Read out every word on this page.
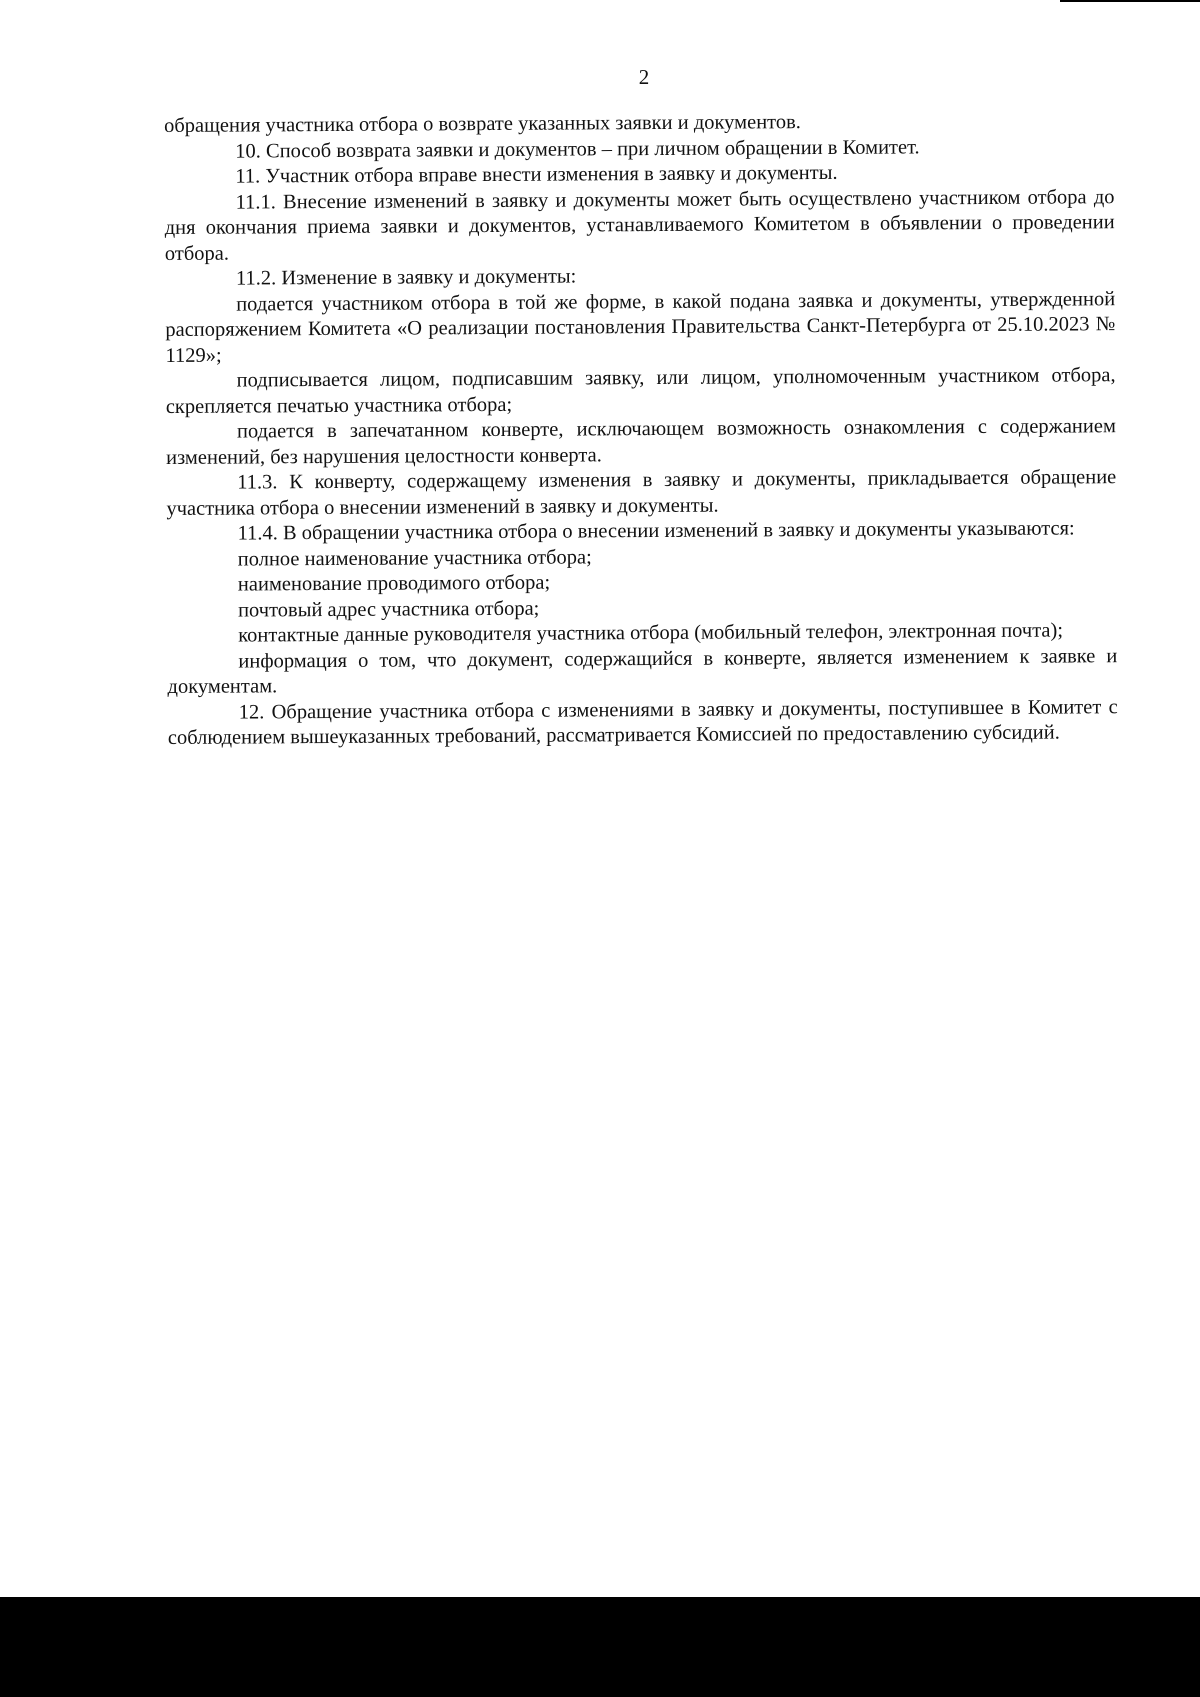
2

обращения участника отбора о возврате указанных заявки и документов.

10. Способ возврата заявки и документов – при личном обращении в Комитет.

11. Участник отбора вправе внести изменения в заявку и документы.

11.1. Внесение изменений в заявку и документы может быть осуществлено участником отбора до дня окончания приема заявки и документов, устанавливаемого Комитетом в объявлении о проведении отбора.

11.2. Изменение в заявку и документы:

подается участником отбора в той же форме, в какой подана заявка и документы, утвержденной распоряжением Комитета «О реализации постановления Правительства Санкт-Петербурга от 25.10.2023 № 1129»;

подписывается лицом, подписавшим заявку, или лицом, уполномоченным участником отбора, скрепляется печатью участника отбора;

подается в запечатанном конверте, исключающем возможность ознакомления с содержанием изменений, без нарушения целостности конверта.

11.3. К конверту, содержащему изменения в заявку и документы, прикладывается обращение участника отбора о внесении изменений в заявку и документы.

11.4. В обращении участника отбора о внесении изменений в заявку и документы указываются:

полное наименование участника отбора;

наименование проводимого отбора;

почтовый адрес участника отбора;

контактные данные руководителя участника отбора (мобильный телефон, электронная почта);

информация о том, что документ, содержащийся в конверте, является изменением к заявке и документам.

12. Обращение участника отбора с изменениями в заявку и документы, поступившее в Комитет с соблюдением вышеуказанных требований, рассматривается Комиссией по предоставлению субсидий.
